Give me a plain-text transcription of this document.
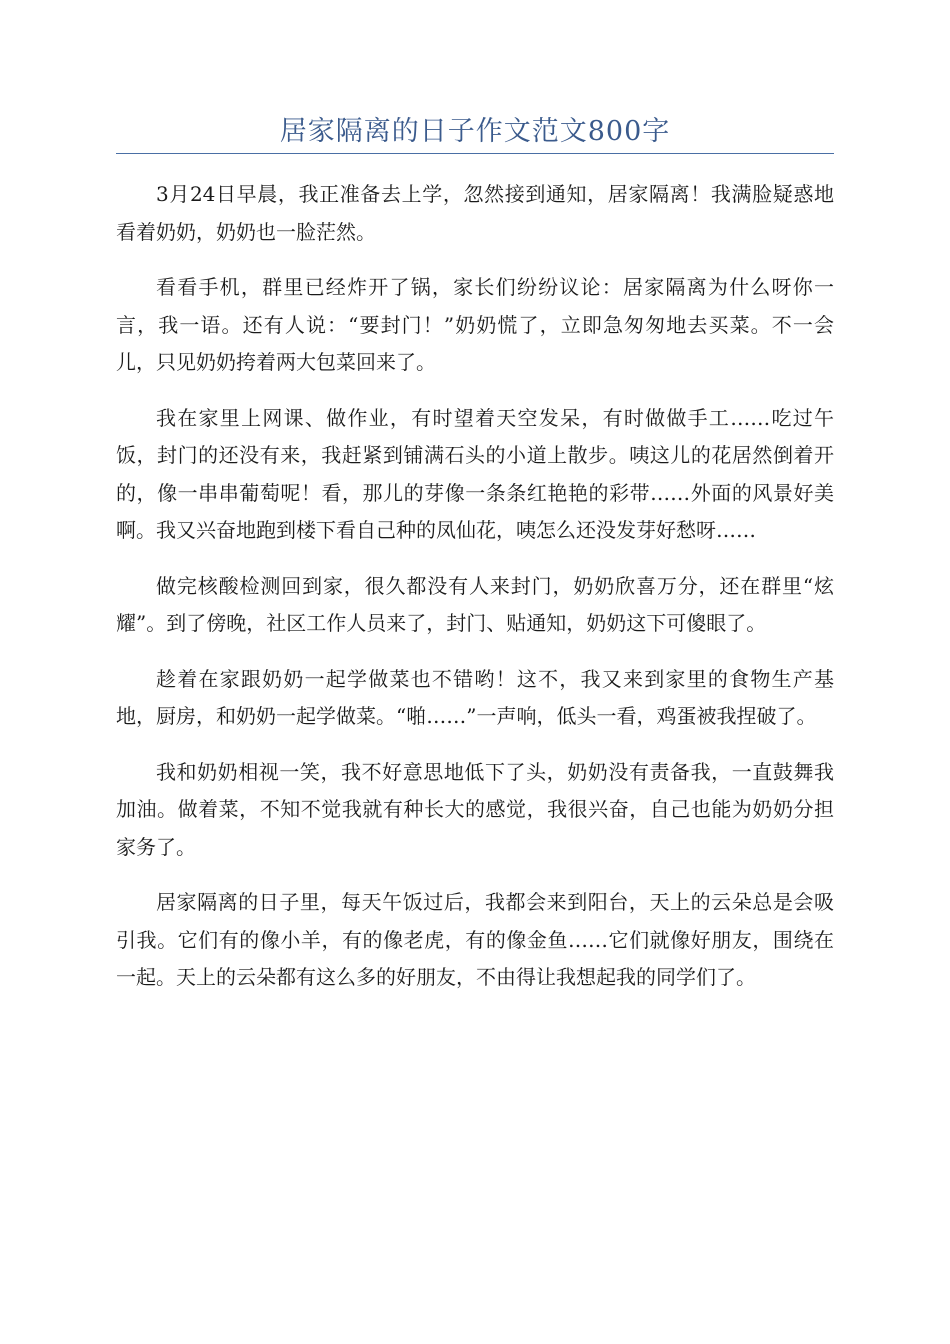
居家隔离的日子作文范文800字

3月24日早晨，我正准备去上学，忽然接到通知，居家隔离！我满脸疑惑地看着奶奶，奶奶也一脸茫然。

看看手机，群里已经炸开了锅，家长们纷纷议论：居家隔离为什么呀你一言，我一语。还有人说：“要封门！”奶奶慌了，立即急匆匆地去买菜。不一会儿，只见奶奶挎着两大包菜回来了。

我在家里上网课、做作业，有时望着天空发呆，有时做做手工……吃过午饭，封门的还没有来，我赶紧到铺满石头的小道上散步。咦这儿的花居然倒着开的，像一串串葡萄呢！看，那儿的芽像一条条红艳艳的彩带……外面的风景好美啊。我又兴奋地跑到楼下看自己种的凤仙花，咦怎么还没发芽好愁呀……

做完核酸检测回到家，很久都没有人来封门，奶奶欣喜万分，还在群里“炫耀”。到了傍晚，社区工作人员来了，封门、贴通知，奶奶这下可傻眼了。

趁着在家跟奶奶一起学做菜也不错哟！这不，我又来到家里的食物生产基地，厨房，和奶奶一起学做菜。“啪……”一声响，低头一看，鸡蛋被我捏破了。

我和奶奶相视一笑，我不好意思地低下了头，奶奶没有责备我，一直鼓舞我加油。做着菜，不知不觉我就有种长大的感觉，我很兴奋，自己也能为奶奶分担家务了。

居家隔离的日子里，每天午饭过后，我都会来到阳台，天上的云朵总是会吸引我。它们有的像小羊，有的像老虎，有的像金鱼……它们就像好朋友，围绕在一起。天上的云朵都有这么多的好朋友，不由得让我想起我的同学们了。
